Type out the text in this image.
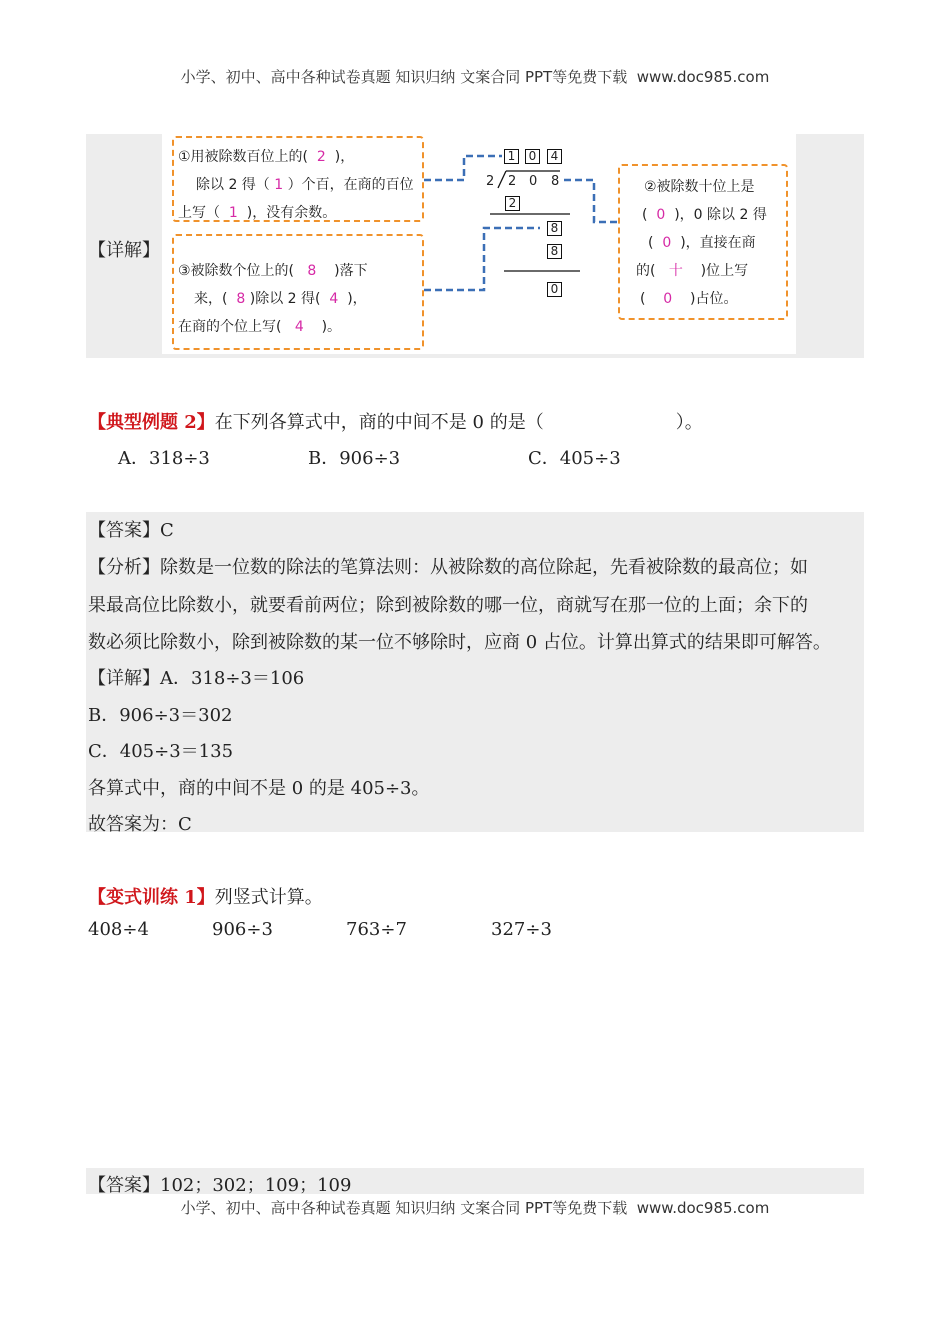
小学、初中、高中各种试卷真题 知识归纳 文案合同 PPT等免费下载 www.doc985.com
【详解】
①用被除数百位上的( 2 )，
除以 2 得（ 1 ）个百，在商的百位
上写（ 1 )，没有余数。
③被除数个位上的( 8 )落下
来，( 8 )除以 2 得( 4 )，
在商的个位上写( 4 )。
②被除数十位上是
( 0 )，0 除以 2 得
( 0 )，直接在商
的( 十 )位上写
( 0 )占位。
1	0	4
2 2 0 8
2
8
8
0
【典型例题 2】在下列各算式中，商的中间不是 0 的是（	）。
A．318÷3	B．906÷3	C．405÷3
【答案】C
【分析】除数是一位数的除法的笔算法则：从被除数的高位除起，先看被除数的最高位；如
果最高位比除数小，就要看前两位；除到被除数的哪一位，商就写在那一位的上面；余下的
数必须比除数小，除到被除数的某一位不够除时，应商 0 占位。计算出算式的结果即可解答。
【详解】A．318÷3＝106
B．906÷3＝302
C．405÷3＝135
各算式中，商的中间不是 0 的是 405÷3。
故答案为：C
【变式训练 1】列竖式计算。
408÷4	906÷3	763÷7	327÷3
【答案】102；302；109；109
小学、初中、高中各种试卷真题 知识归纳 文案合同 PPT等免费下载 www.doc985.com
